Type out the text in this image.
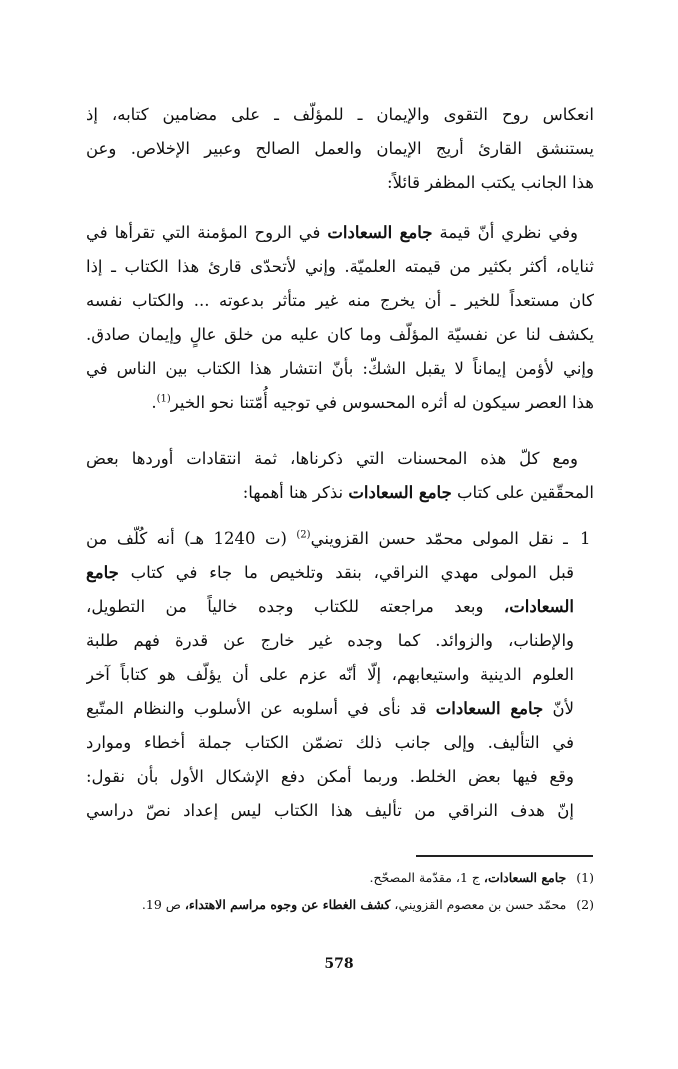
انعكاس روح التقوى والإيمان ـ للمؤلّف ـ على مضامين كتابه، إذ
يستنشق القارئ أريج الإيمان والعمل الصالح وعبير الإخلاص. وعن
هذا الجانب يكتب المظفر قائلاً:
وفي نظري أنّ قيمة جامع السعادات في الروح المؤمنة التي تقرأها في
ثناياه، أكثر بكثير من قيمته العلميّة. وإني لأتحدّى قارئ هذا الكتاب ـ إذا
كان مستعداً للخير ـ أن يخرج منه غير متأثر بدعوته ... والكتاب نفسه
يكشف لنا عن نفسيّة المؤلّف وما كان عليه من خلق عالٍ وإيمان صادق.
وإني لأؤمن إيماناً لا يقبل الشكّ: بأنّ انتشار هذا الكتاب بين الناس في
هذا العصر سيكون له أثره المحسوس في توجيه أُمّتنا نحو الخير$^{(1)}$.
ومع كلّ هذه المحسنات التي ذكرناها، ثمة انتقادات أوردها بعض
المحقّقين على كتاب جامع السعادات نذكر هنا أهمها:
1
ـ نقل المولى محمّد حسن القزويني$^{(2)}$ (ت 1240 هـ) أنه كُلّف من
قبل المولى مهدي النراقي، بنقد وتلخيص ما جاء في كتاب جامع
السعادات، وبعد مراجعته للكتاب وجده خالياً من التطويل،
والإطناب، والزوائد. كما وجده غير خارج عن قدرة فهم طلبة
العلوم الدينية واستيعابهم، إلّا أنّه عزم على أن يؤلّف هو كتاباً آخر
لأنّ جامع السعادات قد نأى في أسلوبه عن الأسلوب والنظام المتّبع
في التأليف. وإلى جانب ذلك تضمّن الكتاب جملة أخطاء وموارد
وقع فيها بعض الخلط. وربما أمكن دفع الإشكال الأول بأن نقول:
إنّ هدف النراقي من تأليف هذا الكتاب ليس إعداد نصّ دراسي
(1)جامع السعادات، ج 1، مقدّمة المصحّح.
(2)محمّد حسن بن معصوم القزويني، كشف الغطاء عن وجوه مراسم الاهتداء، ص 19.
578
